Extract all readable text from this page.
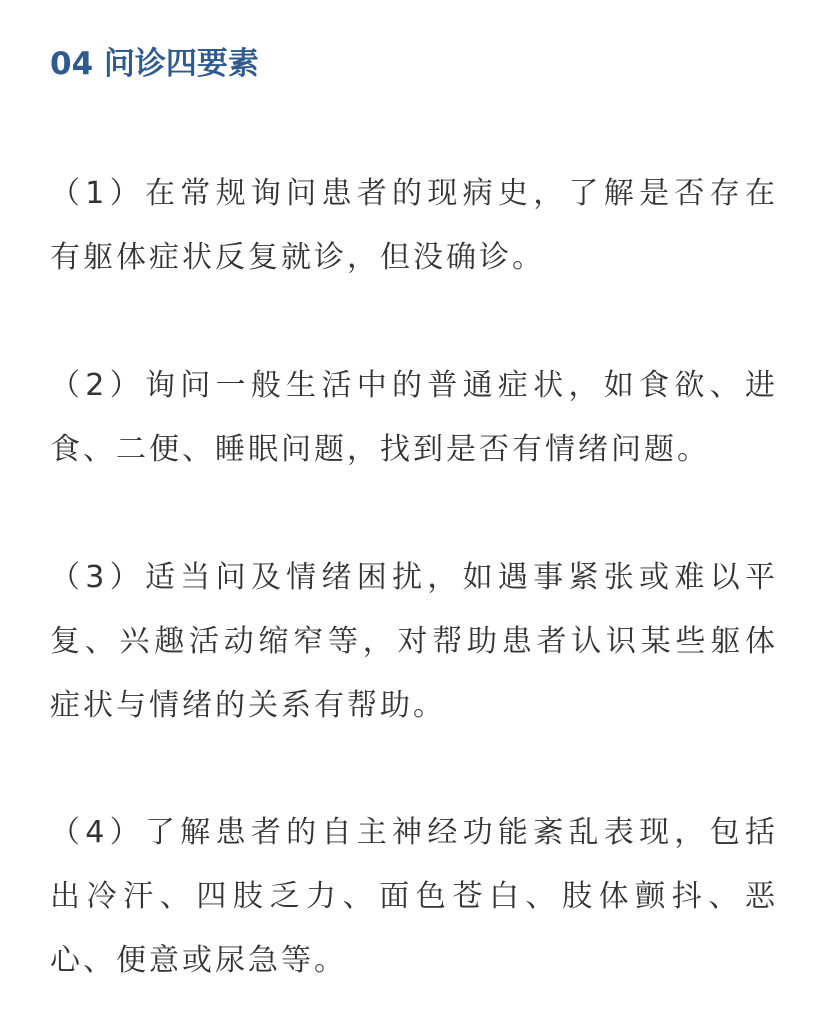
04 问诊四要素

（1）在常规询问患者的现病史，了解是否存在
有躯体症状反复就诊，但没确诊。

（2）询问一般生活中的普通症状，如食欲、进
食、二便、睡眠问题，找到是否有情绪问题。

（3）适当问及情绪困扰，如遇事紧张或难以平
复、兴趣活动缩窄等，对帮助患者认识某些躯体
症状与情绪的关系有帮助。

（4）了解患者的自主神经功能紊乱表现，包括
出冷汗、四肢乏力、面色苍白、肢体颤抖、恶
心、便意或尿急等。
